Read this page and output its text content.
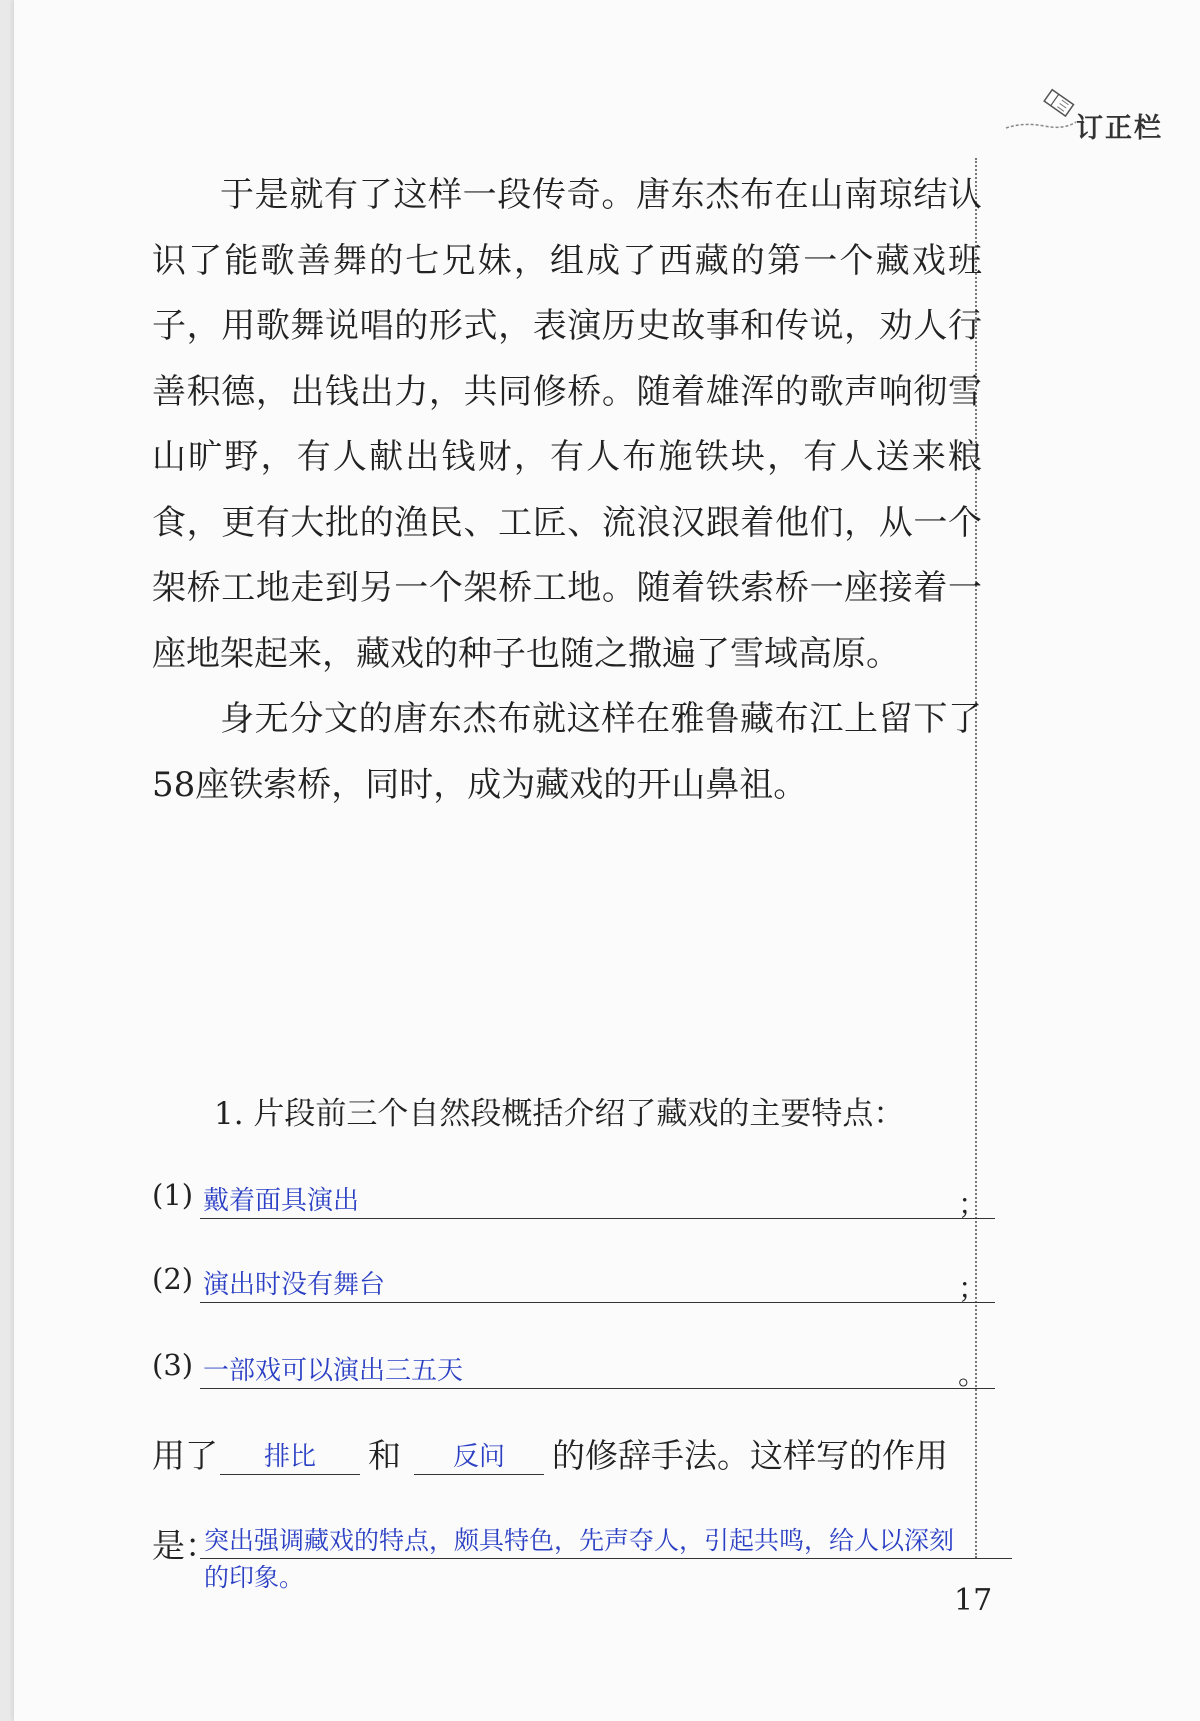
订正栏

于是就有了这样一段传奇。唐东杰布在山南琼结认识了能歌善舞的七兄妹，组成了西藏的第一个藏戏班子，用歌舞说唱的形式，表演历史故事和传说，劝人行善积德，出钱出力，共同修桥。随着雄浑的歌声响彻雪山旷野，有人献出钱财，有人布施铁块，有人送来粮食，更有大批的渔民、工匠、流浪汉跟着他们，从一个架桥工地走到另一个架桥工地。随着铁索桥一座接着一座地架起来，藏戏的种子也随之撒遍了雪域高原。

身无分文的唐东杰布就这样在雅鲁藏布江上留下了58座铁索桥，同时，成为藏戏的开山鼻祖。

1. 片段前三个自然段概括介绍了藏戏的主要特点：
(1) 戴着面具演出	；
(2) 演出时没有舞台	；
(3) 一部戏可以演出三五天	。
用了	排比	和	反问	的修辞手法。这样写的作用
是：
突出强调藏戏的特点，颇具特色，先声夺人，引起共鸣，给人以深刻的印象。
17
